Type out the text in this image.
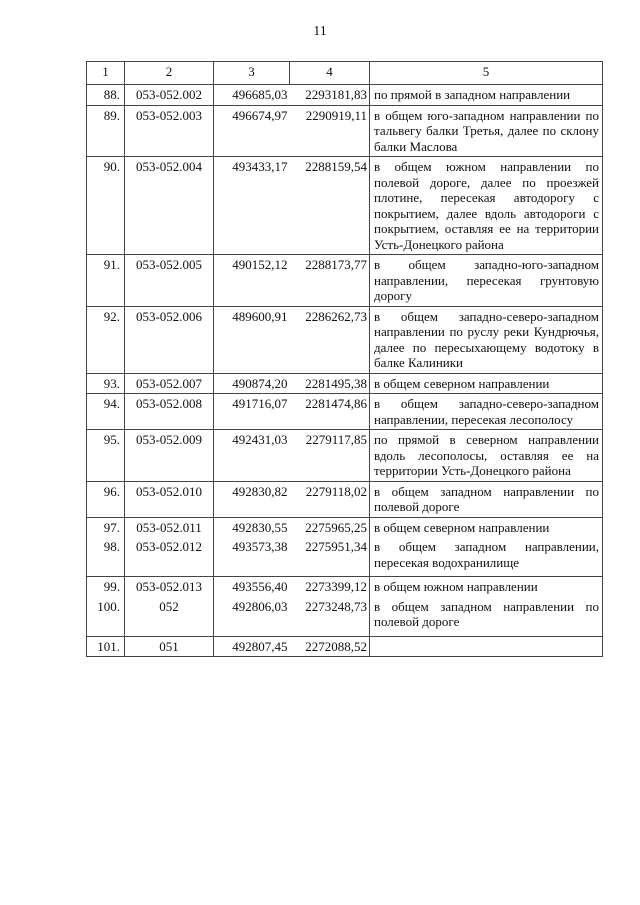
11
1	2	3	4	5
88.	053-052.002	496685,03	2293181,83	по прямой в западном направлении
89.	053-052.003	496674,97	2290919,11	в общем юго-западном направлении по тальвегу балки Третья, далее по склону балки Маслова
90.	053-052.004	493433,17	2288159,54	в общем южном направлении по полевой дороге, далее по проезжей плотине, пересекая автодорогу с покрытием, далее вдоль автодороги с покрытием, оставляя ее на территории Усть-Донецкого района
91.	053-052.005	490152,12	2288173,77	в общем западно-юго-западном направлении, пересекая грунтовую дорогу
92.	053-052.006	489600,91	2286262,73	в общем западно-северо-западном направлении по руслу реки Кундрючья, далее по пересыхающему водотоку в балке Калиники
93.	053-052.007	490874,20	2281495,38	в общем северном направлении
94.	053-052.008	491716,07	2281474,86	в общем западно-северо-западном направлении, пересекая лесополосу
95.	053-052.009	492431,03	2279117,85	по прямой в северном направлении вдоль лесополосы, оставляя ее на территории Усть-Донецкого района
96.	053-052.010	492830,82	2279118,02	в общем западном направлении по полевой дороге
97.	053-052.011	492830,55	2275965,25	в общем северном направлении
98.	053-052.012	493573,38	2275951,34	в общем западном направлении, пересекая водохранилище
99.	053-052.013	493556,40	2273399,12	в общем южном направлении
100.	052	492806,03	2273248,73	в общем западном направлении по полевой дороге
101.	051	492807,45	2272088,52	
